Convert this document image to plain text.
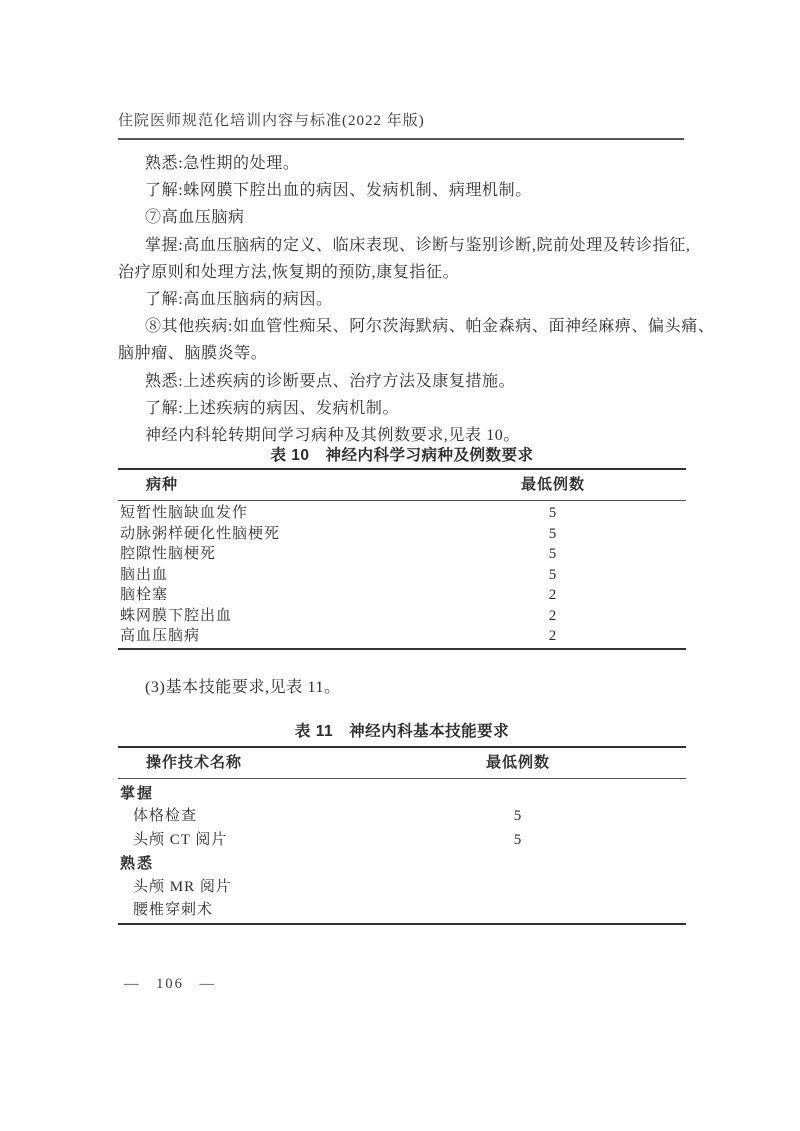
住院医师规范化培训内容与标准(2022 年版)
熟悉:急性期的处理。
了解:蛛网膜下腔出血的病因、发病机制、病理机制。
⑦高血压脑病
掌握:高血压脑病的定义、临床表现、诊断与鉴别诊断,院前处理及转诊指征,
治疗原则和处理方法,恢复期的预防,康复指征。
了解:高血压脑病的病因。
⑧其他疾病:如血管性痴呆、阿尔茨海默病、帕金森病、面神经麻痹、偏头痛、
脑肿瘤、脑膜炎等。
熟悉:上述疾病的诊断要点、治疗方法及康复措施。
了解:上述疾病的病因、发病机制。
神经内科轮转期间学习病种及其例数要求,见表 10。
表 10　神经内科学习病种及例数要求
病种	最低例数
短暂性脑缺血发作	5
动脉粥样硬化性脑梗死	5
腔隙性脑梗死	5
脑出血	5
脑栓塞	2
蛛网膜下腔出血	2
高血压脑病	2
(3)基本技能要求,见表 11。
表 11　神经内科基本技能要求
操作技术名称	最低例数
掌握
体格检查	5
头颅 CT 阅片	5
熟悉
头颅 MR 阅片
腰椎穿刺术
— 106 —
